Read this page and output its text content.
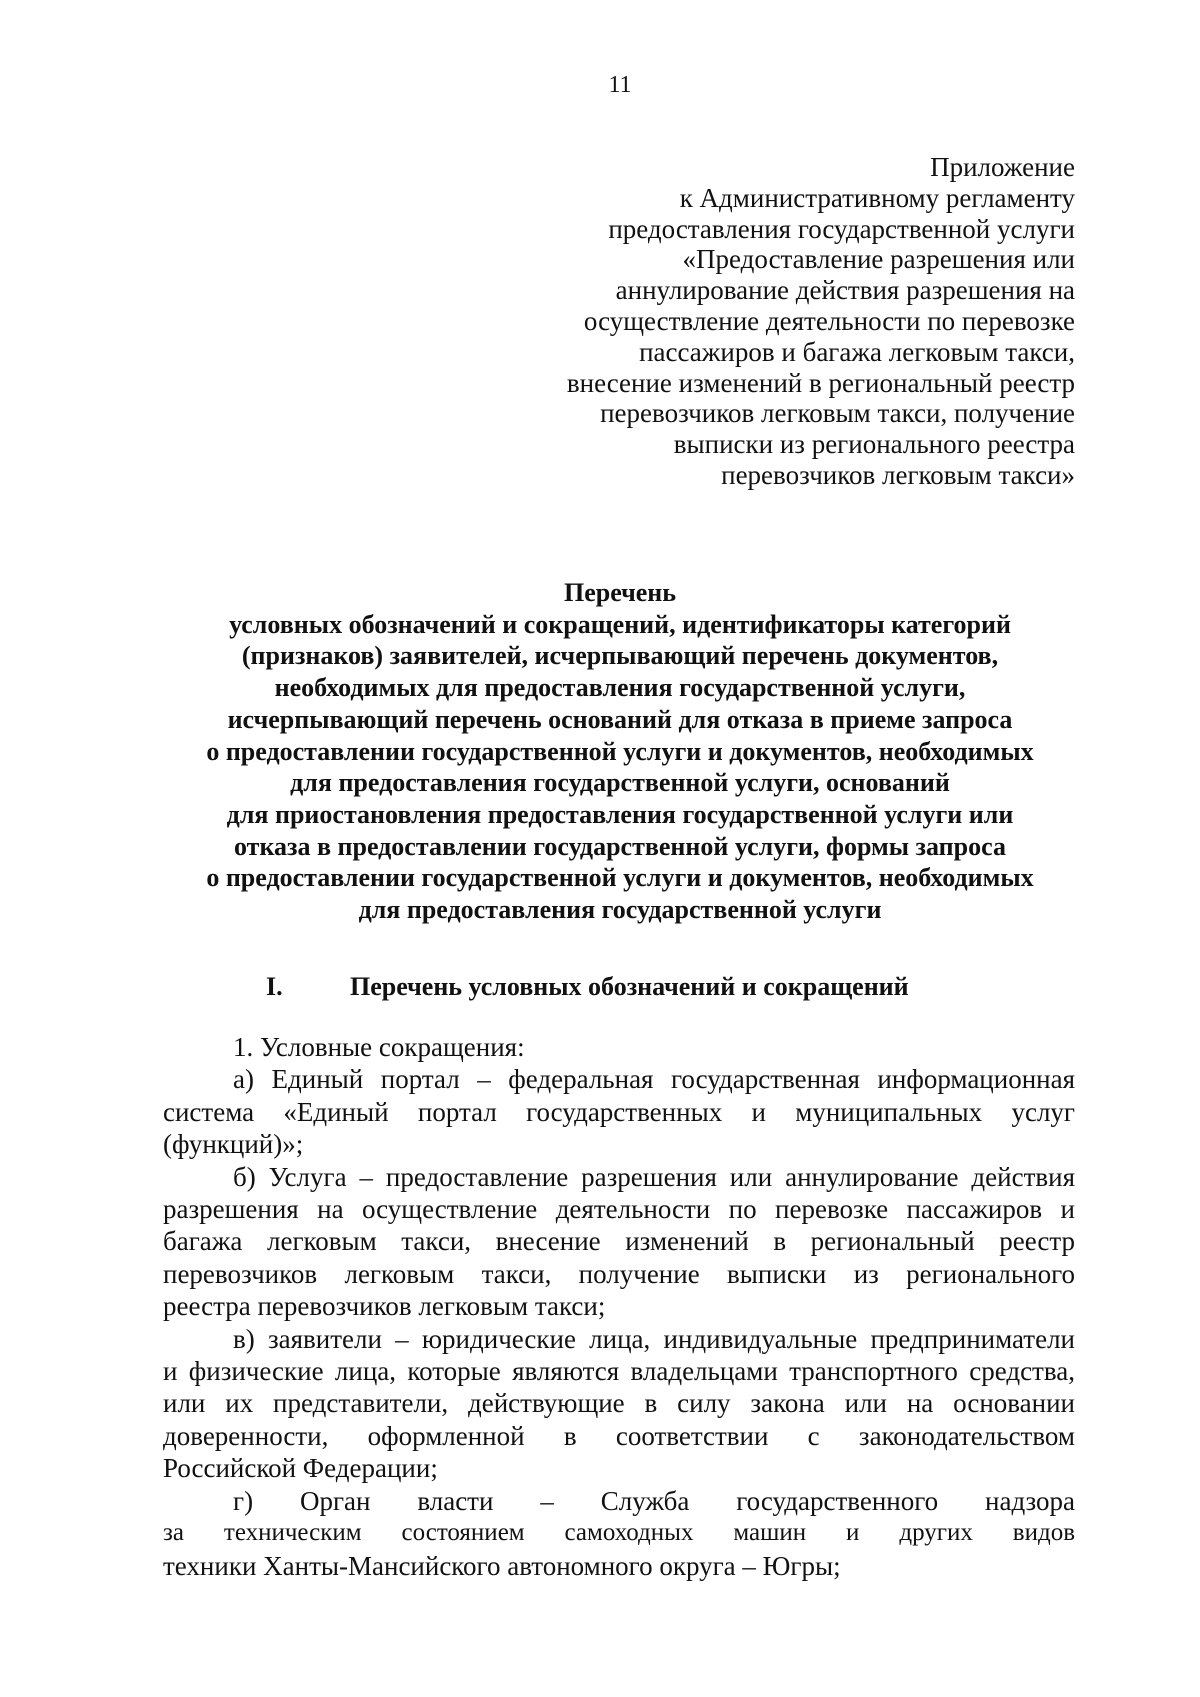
11
Приложение
к Административному регламенту
предоставления государственной услуги
«Предоставление разрешения или
аннулирование действия разрешения на
осуществление деятельности по перевозке
пассажиров и багажа легковым такси,
внесение изменений в региональный реестр
перевозчиков легковым такси, получение
выписки из регионального реестра
перевозчиков легковым такси»
Перечень
условных обозначений и сокращений, идентификаторы категорий
(признаков) заявителей, исчерпывающий перечень документов,
необходимых для предоставления государственной услуги,
исчерпывающий перечень оснований для отказа в приеме запроса
о предоставлении государственной услуги и документов, необходимых
для предоставления государственной услуги, оснований
для приостановления предоставления государственной услуги или
отказа в предоставлении государственной услуги, формы запроса
о предоставлении государственной услуги и документов, необходимых
для предоставления государственной услуги
I.	Перечень условных обозначений и сокращений

1. Условные сокращения:

а) Единый портал – федеральная государственная информационная
система «Единый портал государственных и муниципальных услуг
(функций)»;
б) Услуга – предоставление разрешения или аннулирование действия
разрешения на осуществление деятельности по перевозке пассажиров и
багажа легковым такси, внесение изменений в региональный реестр
перевозчиков легковым такси, получение выписки из регионального
реестра перевозчиков легковым такси;
в) заявители – юридические лица, индивидуальные предприниматели
и физические лица, которые являются владельцами транспортного средства,
или их представители, действующие в силу закона или на основании
доверенности, оформленной в соответствии с законодательством
Российской Федерации;
г) Орган власти – Служба государственного надзора
за техническим состоянием самоходных машин и других видов
техники Ханты-Мансийского автономного округа – Югры;
